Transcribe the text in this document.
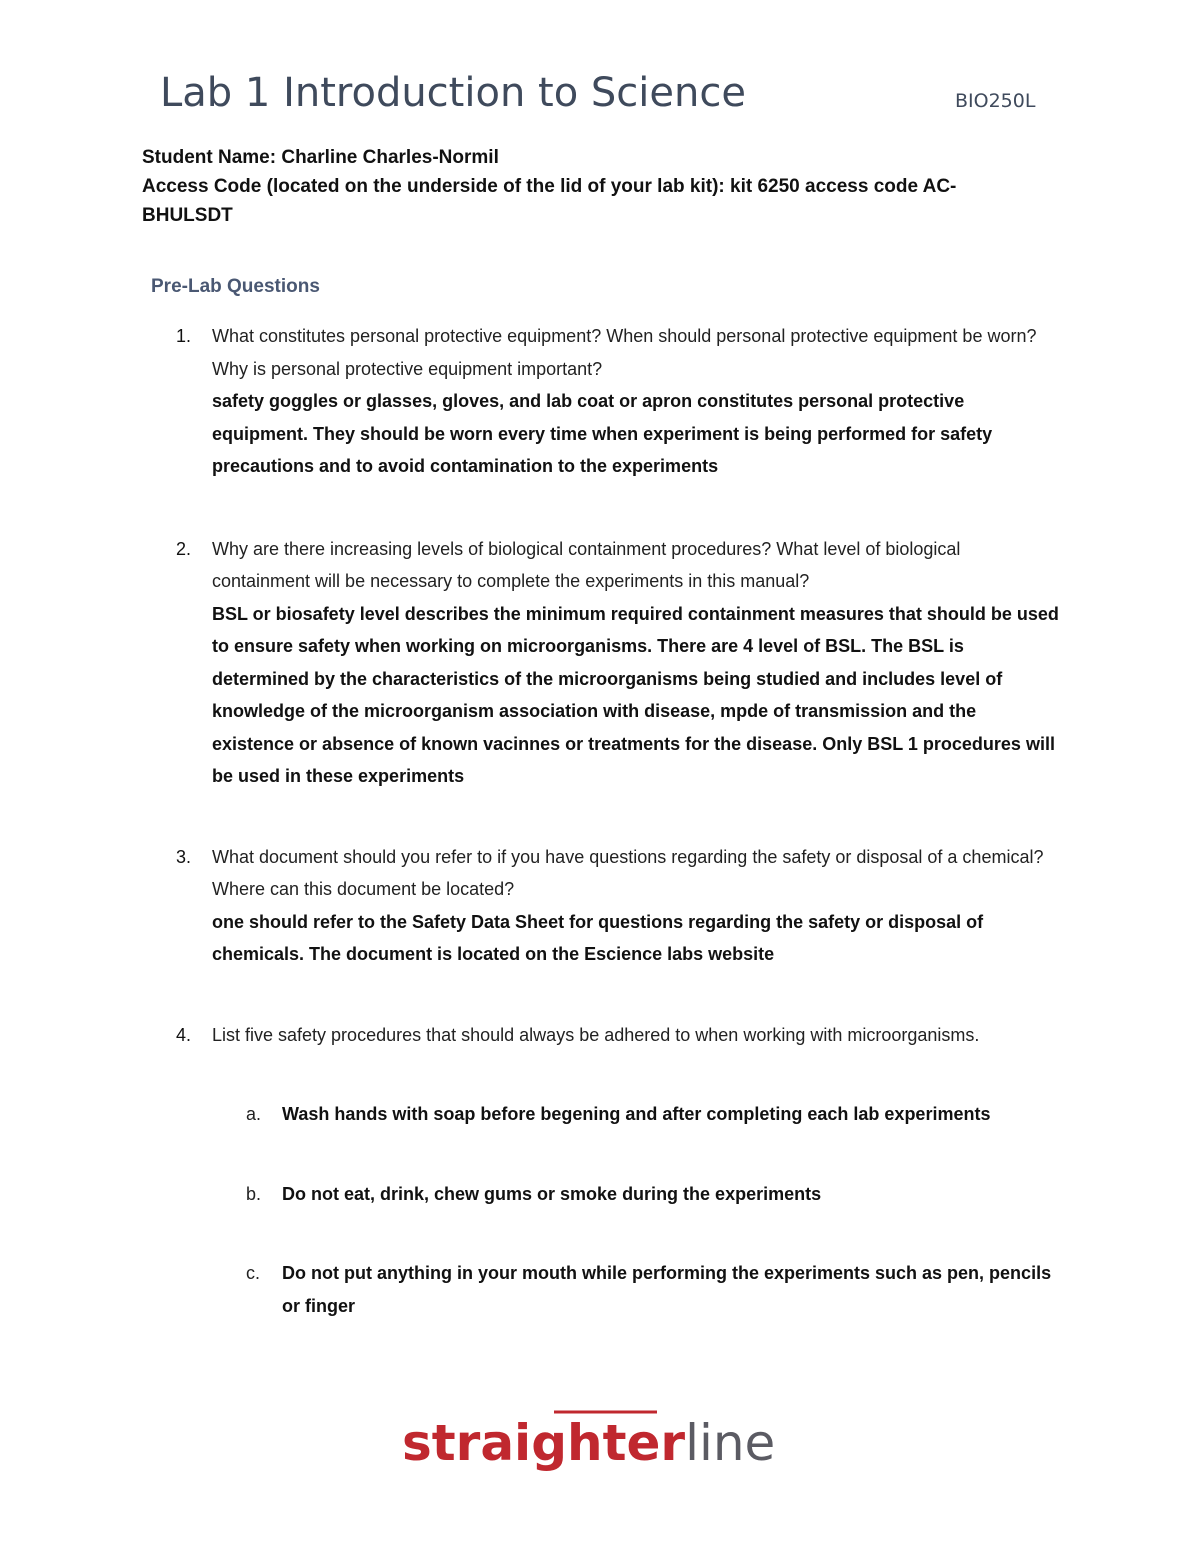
Lab 1 Introduction to Science	BIO250L
Student Name: Charline Charles-Normil
Access Code (located on the underside of the lid of your lab kit): kit 6250 access code AC-
BHULSDT
Pre-Lab Questions
1. What constitutes personal protective equipment? When should personal protective equipment be worn? Why is personal protective equipment important?
safety goggles or glasses, gloves, and lab coat or apron constitutes personal protective equipment. They should be worn every time when experiment is being performed for safety precautions and to avoid contamination to the experiments
2. Why are there increasing levels of biological containment procedures? What level of biological containment will be necessary to complete the experiments in this manual?
BSL or biosafety level describes the minimum required containment measures that should be used to ensure safety when working on microorganisms. There are 4 level of BSL. The BSL is determined by the characteristics of the microorganisms being studied and includes level of knowledge of the microorganism association with disease, mpde of transmission and the existence or absence of known vacinnes or treatments for the disease. Only BSL 1 procedures will be used in these experiments
3. What document should you refer to if you have questions regarding the safety or disposal of a chemical? Where can this document be located?
one should refer to the Safety Data Sheet for questions regarding the safety or disposal of chemicals. The document is located on the Escience labs website
4. List five safety procedures that should always be adhered to when working with microorganisms.
a. Wash hands with soap before begening and after completing each lab experiments
b. Do not eat, drink, chew gums or smoke during the experiments
c. Do not put anything in your mouth while performing the experiments such as pen, pencils or finger
straighterline
